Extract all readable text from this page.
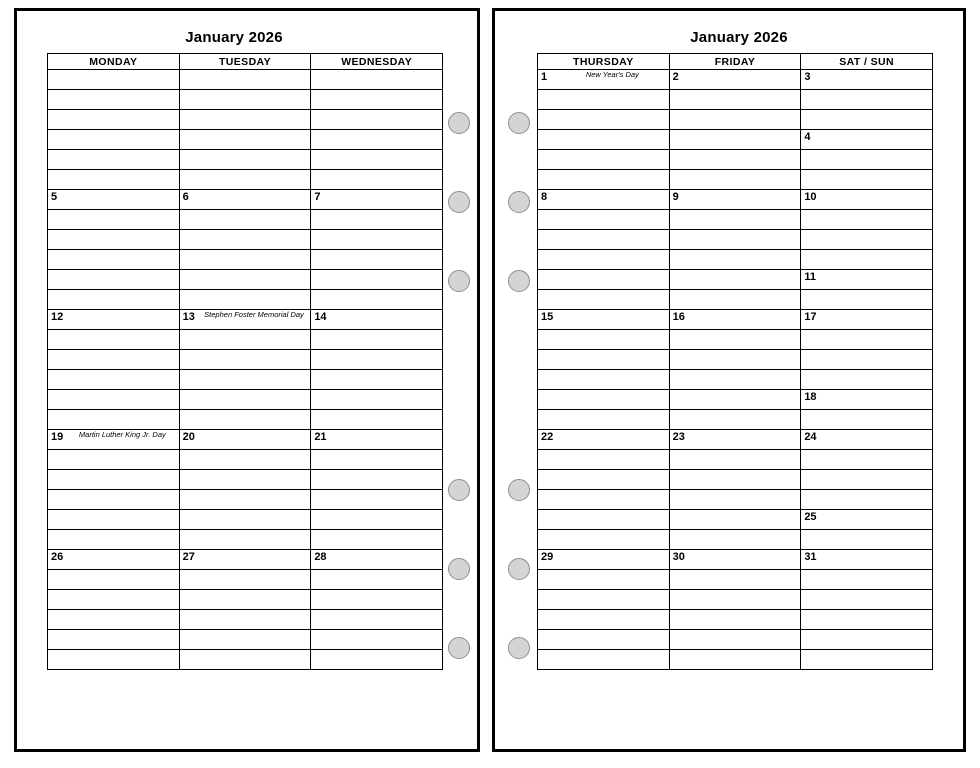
January 2026
MONDAY	TUESDAY	WEDNESDAY

5	6	7

12	13 Stephen Foster Memorial Day	14

19 Martin Luther King Jr. Day	20	21

26	27	28

January 2026
THURSDAY	FRIDAY	SAT / SUN

1 New Year's Day	2	3

		4

8	9	10

		11

15	16	17

		18

22	23	24

		25

29	30	31
